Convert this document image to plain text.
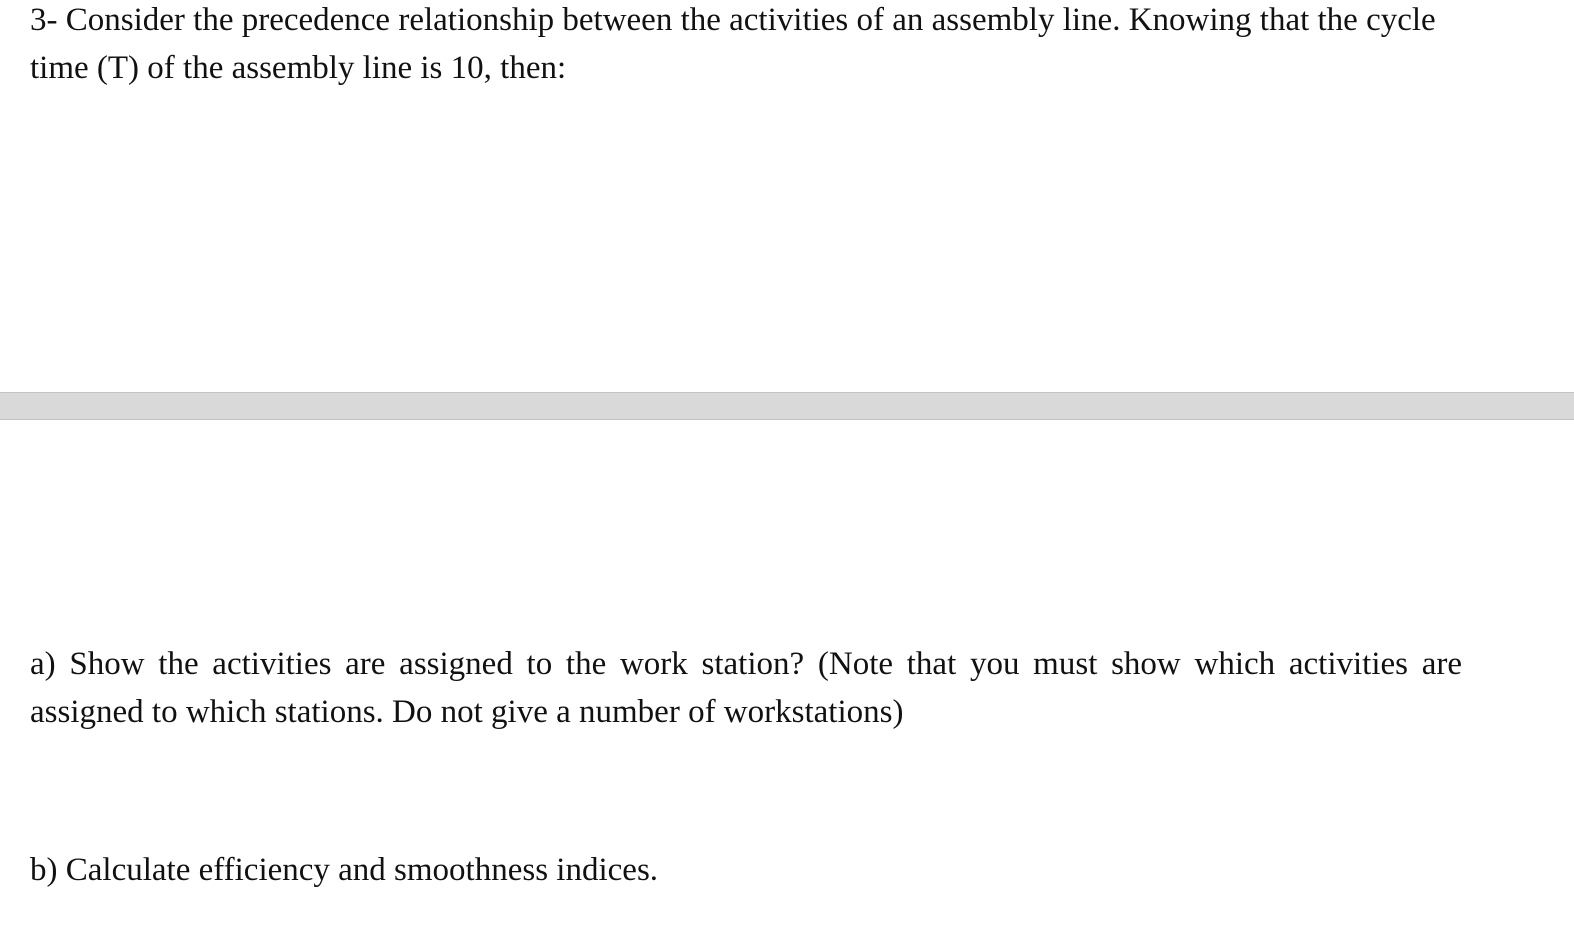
3- Consider the precedence relationship between the activities of an assembly line. Knowing that the cycle time (T) of the assembly line is 10, then:

a) Show the activities are assigned to the work station? (Note that you must show which activities are assigned to which stations. Do not give a number of workstations)

b) Calculate efficiency and smoothness indices.
